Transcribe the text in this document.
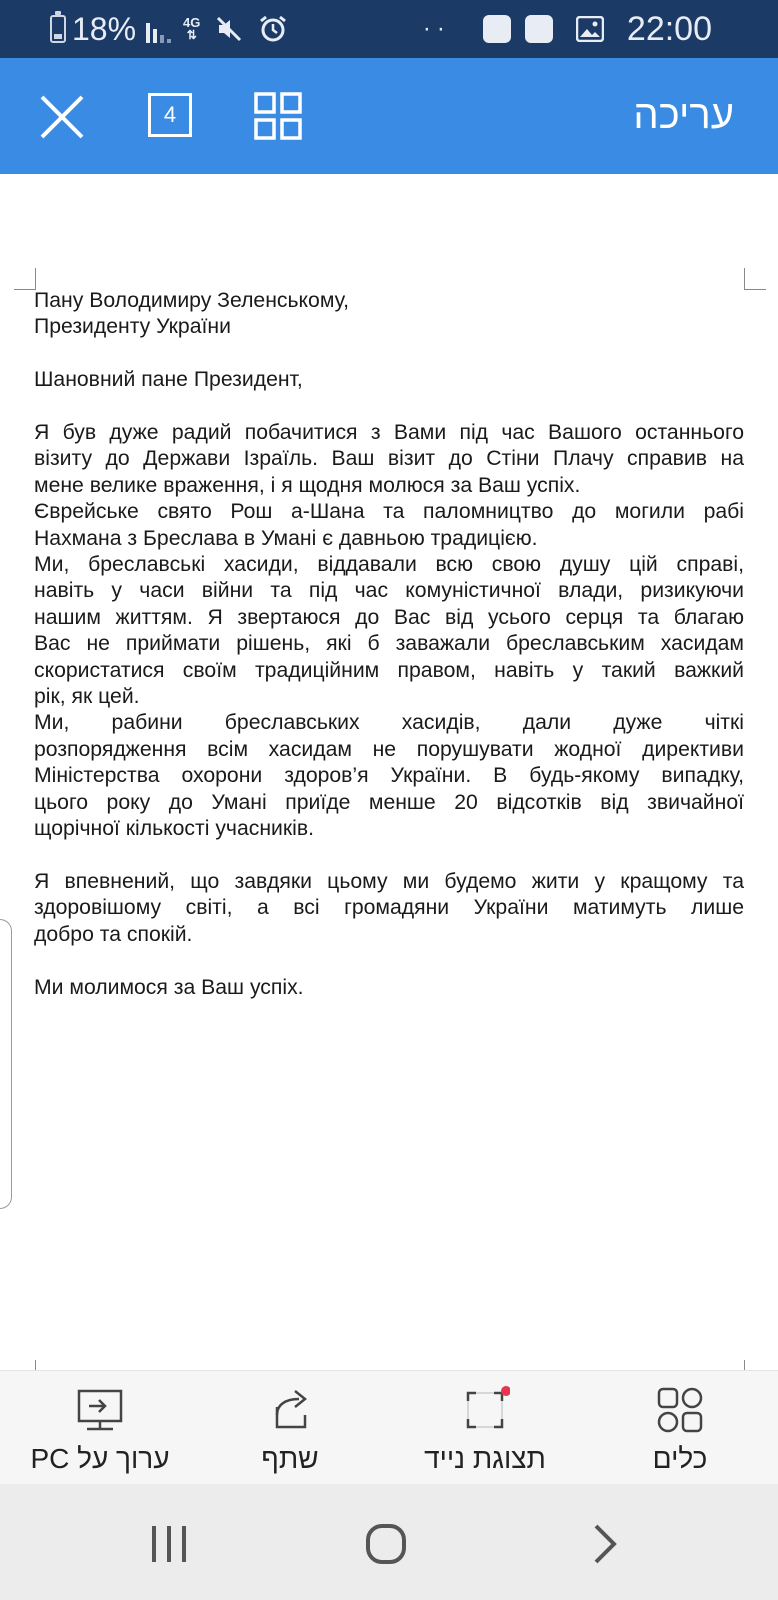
18%	4G
⇅	··	22:00
4	עריכה
Пану Володимиру Зеленському,
Президенту України
Шановний пане Президент,
Я був дуже радий побачитися з Вами під час Вашого останнього
візиту до Держави Ізраїль. Ваш візит до Стіни Плачу справив на
мене велике враження, і я щодня молюся за Ваш успіх.
Єврейське свято Рош а-Шана та паломництво до могили рабі
Нахмана з Бреслава в Умані є давньою традицією.
Ми, бреславські хасиди, віддавали всю свою душу цій справі,
навіть у часи війни та під час комуністичної влади, ризикуючи
нашим життям. Я звертаюся до Вас від усього серця та благаю
Вас не приймати рішень, які б заважали бреславським хасидам
скористатися своїм традиційним правом, навіть у такий важкий
рік, як цей.
Ми, рабини бреславських хасидів, дали дуже чіткі
розпорядження всім хасидам не порушувати жодної директиви
Міністерства охорони здоров’я України. В будь-якому випадку,
цього року до Умані приїде менше 20 відсотків від звичайної
щорічної кількості учасників.
Я впевнений, що завдяки цьому ми будемо жити у кращому та
здоровішому світі, а всі громадяни України матимуть лише
добро та спокій.
Ми молимося за Ваш успіх.
ערוך על PC	שתף	תצוגת נייד	כלים
